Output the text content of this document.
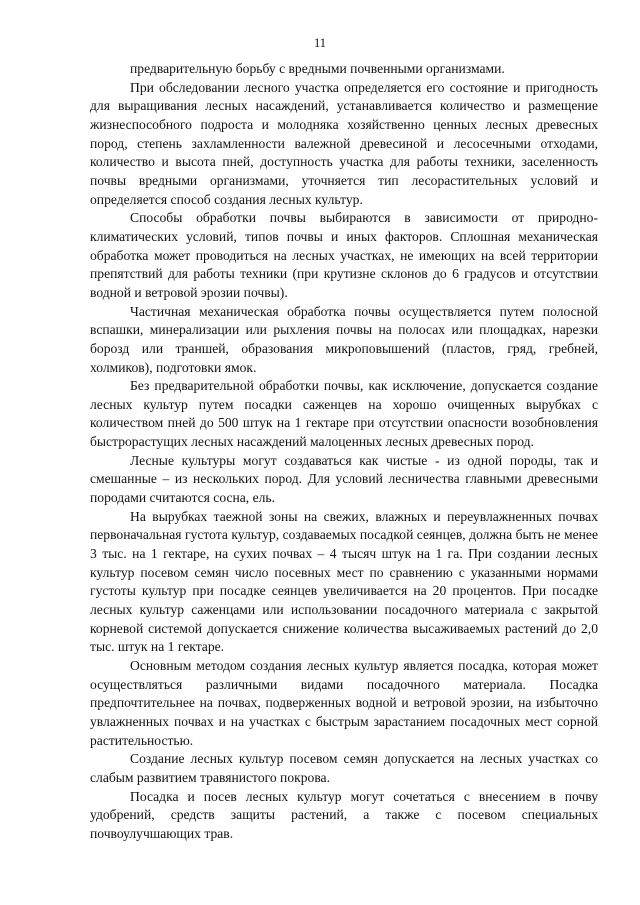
11

предварительную борьбу с вредными почвенными организмами.

При обследовании лесного участка определяется его состояние и пригодность для выращивания лесных насаждений, устанавливается количество и размещение жизнеспособного подроста и молодняка хозяйственно ценных лесных древесных пород, степень захламленности валежной древесиной и лесосечными отходами, количество и высота пней, доступность участка для работы техники, заселенность почвы вредными организмами, уточняется тип лесорастительных условий и определяется способ создания лесных культур.

Способы обработки почвы выбираются в зависимости от природно-климатических условий, типов почвы и иных факторов. Сплошная механическая обработка может проводиться на лесных участках, не имеющих на всей территории препятствий для работы техники (при крутизне склонов до 6 градусов и отсутствии водной и ветровой эрозии почвы).

Частичная механическая обработка почвы осуществляется путем полосной вспашки, минерализации или рыхления почвы на полосах или площадках, нарезки борозд или траншей, образования микроповышений (пластов, гряд, гребней, холмиков), подготовки ямок.

Без предварительной обработки почвы, как исключение, допускается создание лесных культур путем посадки саженцев на хорошо очищенных вырубках с количеством пней до 500 штук на 1 гектаре при отсутствии опасности возобновления быстрорастущих лесных насаждений малоценных лесных древесных пород.

Лесные культуры могут создаваться как чистые - из одной породы, так и смешанные – из нескольких пород. Для условий лесничества главными древесными породами считаются сосна, ель.

На вырубках таежной зоны на свежих, влажных и переувлажненных почвах первоначальная густота культур, создаваемых посадкой сеянцев, должна быть не менее 3 тыс. на 1 гектаре, на сухих почвах – 4 тысяч штук на 1 га. При создании лесных культур посевом семян число посевных мест по сравнению с указанными нормами густоты культур при посадке сеянцев увеличивается на 20 процентов. При посадке лесных культур саженцами или использовании посадочного материала с закрытой корневой системой допускается снижение количества высаживаемых растений до 2,0 тыс. штук на 1 гектаре.

Основным методом создания лесных культур является посадка, которая может осуществляться различными видами посадочного материала. Посадка предпочтительнее на почвах, подверженных водной и ветровой эрозии, на избыточно увлажненных почвах и на участках с быстрым зарастанием посадочных мест сорной растительностью.

Создание лесных культур посевом семян допускается на лесных участках со слабым развитием травянистого покрова.

Посадка и посев лесных культур могут сочетаться с внесением в почву удобрений, средств защиты растений, а также с посевом специальных почвоулучшающих трав.
